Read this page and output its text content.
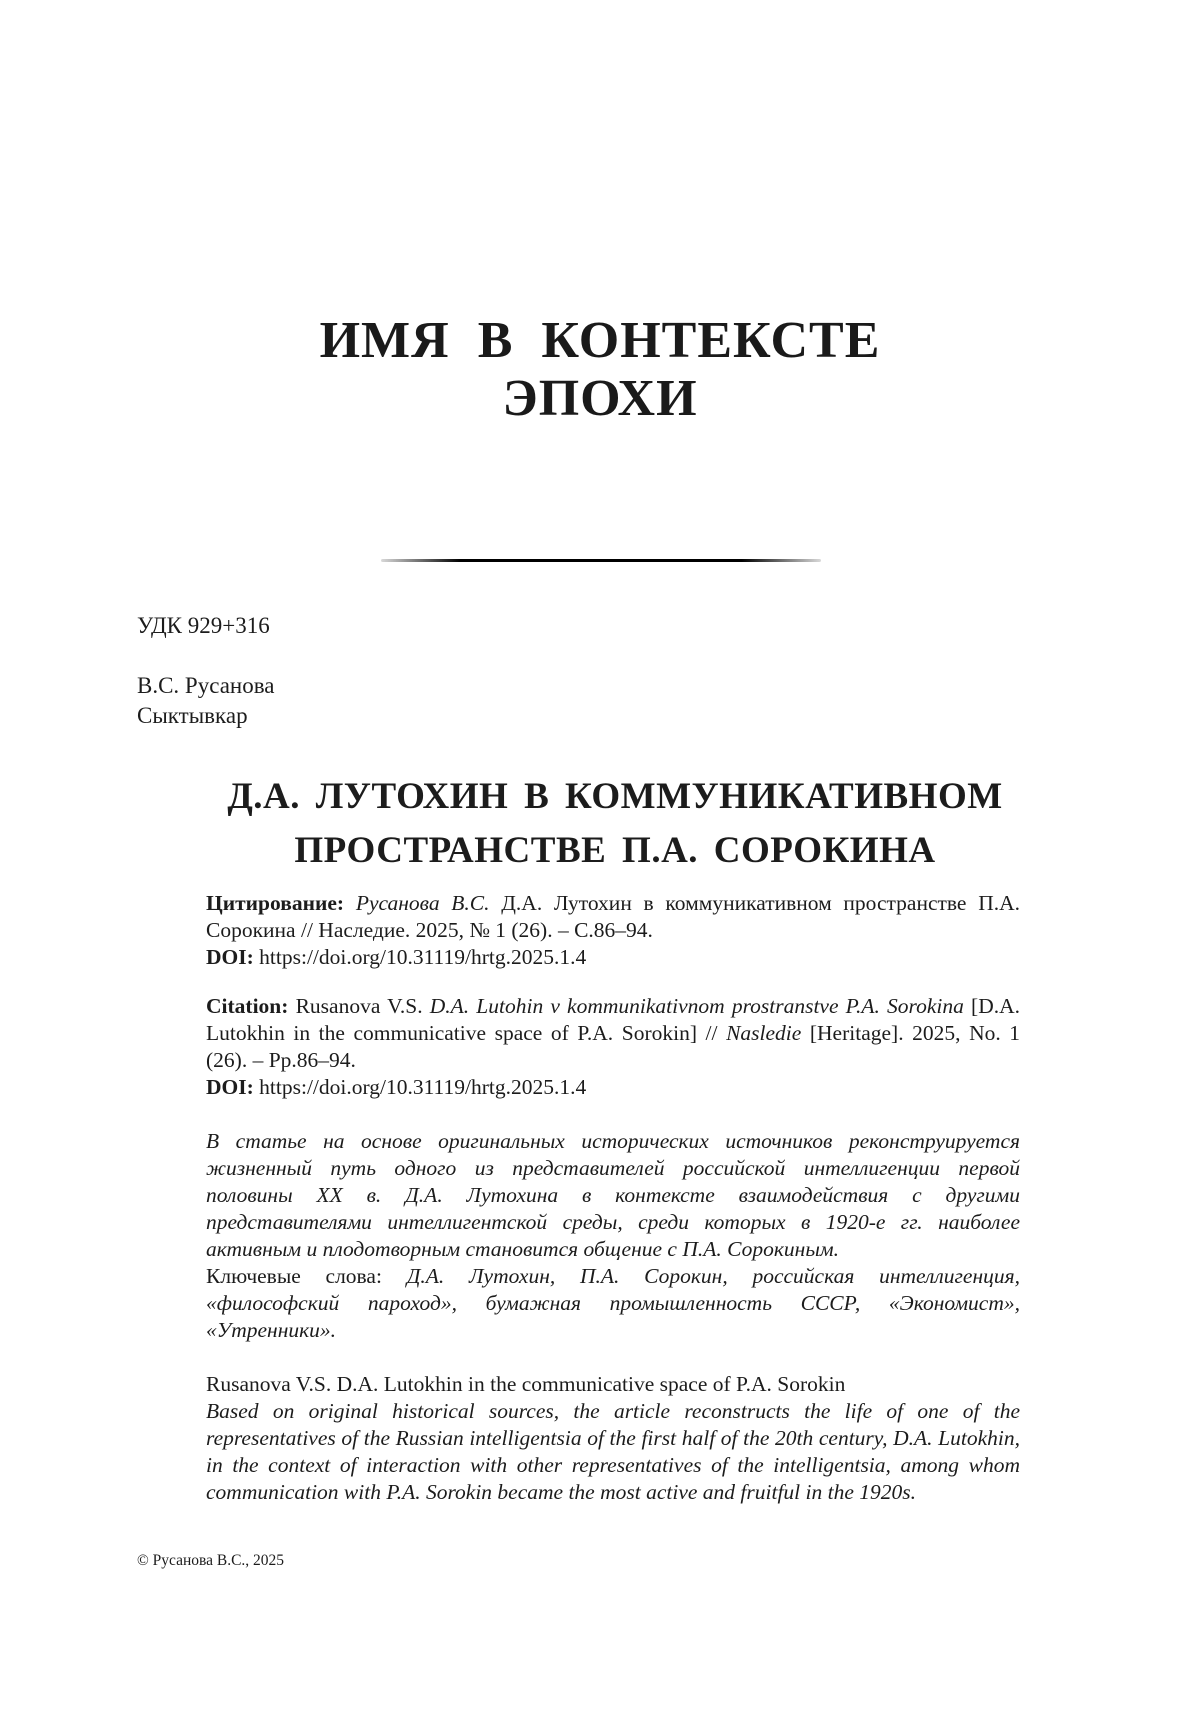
ИМЯ В КОНТЕКСТЕ
ЭПОХИ
УДК 929+316
В.С. Русанова
Сыктывкар
Д.А. ЛУТОХИН В КОММУНИКАТИВНОМ
ПРОСТРАНСТВЕ П.А. СОРОКИНА

Цитирование: Русанова В.С. Д.А. Лутохин в коммуникативном пространстве П.А. Сорокина // Наследие. 2025, № 1 (26). – С.86–94.

DOI: https://doi.org/10.31119/hrtg.2025.1.4

Citation: Rusanova V.S. D.A. Lutohin v kommunikativnom prostranstve P.A. Sorokina [D.A. Lutokhin in the communicative space of P.A. Sorokin] // Nasledie [Heritage]. 2025, No. 1 (26). – Pp.86–94.

DOI: https://doi.org/10.31119/hrtg.2025.1.4

В статье на основе оригинальных исторических источников реконструируется жизненный путь одного из представителей российской интеллигенции первой половины XX в. Д.А. Лутохина в контексте взаимодействия с другими представителями интеллигентской среды, среди которых в 1920-е гг. наиболее активным и плодотворным становится общение с П.А. Сорокиным.

Ключевые слова: Д.А. Лутохин, П.А. Сорокин, российская интеллигенция, «философский пароход», бумажная промышленность СССР, «Экономист», «Утренники».

Rusanova V.S. D.A. Lutokhin in the communicative space of P.A. Sorokin

Based on original historical sources, the article reconstructs the life of one of the representatives of the Russian intelligentsia of the first half of the 20th century, D.A. Lutokhin, in the context of interaction with other representatives of the intelligentsia, among whom communication with P.A. Sorokin became the most active and fruitful in the 1920s.

© Русанова В.С., 2025
